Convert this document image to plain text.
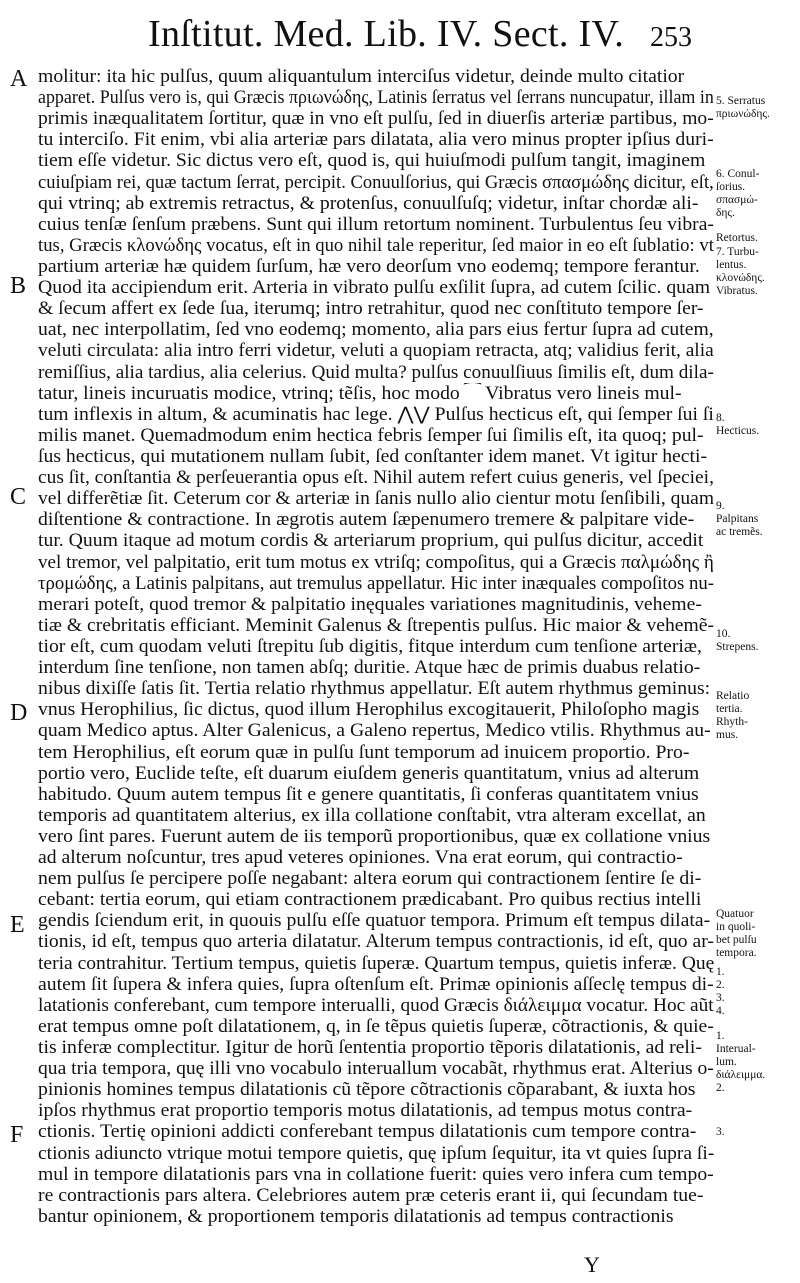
Inſtitut. Med. Lib. IV. Sect. IV. 253
A
B
C
D
E
F
molitur: ita hic pulſus, quum aliquantulum interciſus videtur, deinde multo citatior
apparet. Pulſus vero is, qui Græcis πριωνώδης, Latinis ſerratus vel ſerrans nuncupatur, illam in
primis inæqualitatem ſortitur, quæ in vno eſt pulſu, ſed in diuerſis arteriæ partibus, mo-
tu interciſo. Fit enim, vbi alia arteriæ pars dilatata, alia vero minus propter ipſius duri-
tiem eſſe videtur. Sic dictus vero eſt, quod is, qui huiuſmodi pulſum tangit, imaginem
cuiuſpiam rei, quæ tactum ſerrat, percipit. Conuulſorius, qui Græcis σπασμώδης dicitur, eſt,
qui vtrinq; ab extremis retractus, & protenſus, conuulſuſq; videtur, inſtar chordæ ali-
cuius tenſæ ſenſum præbens. Sunt qui illum retortum nominent. Turbulentus ſeu vibra-
tus, Græcis κλονώδης vocatus, eſt in quo nihil tale reperitur, ſed maior in eo eſt ſublatio: vt
partium arteriæ hæ quidem ſurſum, hæ vero deorſum vno eodemq; tempore ferantur.
Quod ita accipiendum erit. Arteria in vibrato pulſu exſilit ſupra, ad cutem ſcilic. quam
& ſecum affert ex ſede ſua, iterumq; intro retrahitur, quod nec conſtituto tempore ſer-
uat, nec interpollatim, ſed vno eodemq; momento, alia pars eius fertur ſupra ad cutem,
veluti circulata: alia intro ferri videtur, veluti a quopiam retracta, atq; validius ferit, alia
remiſſius, alia tardius, alia celerius. Quid multa? pulſus conuulſiuus ſimilis eſt, dum dila-
tatur, lineis incuruatis modice, vtrinq; tẽſis, hoc modo ⁀ Vibratus vero lineis mul-
tum inflexis in altum, & acuminatis hac lege. ⋀⋁ Pulſus hecticus eſt, qui ſemper ſui ſi
milis manet. Quemadmodum enim hectica febris ſemper ſui ſimilis eſt, ita quoq; pul-
ſus hecticus, qui mutationem nullam ſubit, ſed conſtanter idem manet. Vt igitur hecti-
cus ſit, conſtantia & perſeuerantia opus eſt. Nihil autem refert cuius generis, vel ſpeciei,
vel differẽtiæ ſit. Ceterum cor & arteriæ in ſanis nullo alio cientur motu ſenſibili, quam
diſtentione & contractione. In ægrotis autem ſæpenumero tremere & palpitare vide-
tur. Quum itaque ad motum cordis & arteriarum proprium, qui pulſus dicitur, accedit
vel tremor, vel palpitatio, erit tum motus ex vtriſq; compoſitus, qui a Græcis παλμώδης ἢ
τρομώδης, a Latinis palpitans, aut tremulus appellatur. Hic inter inæquales compoſitos nu-
merari poteſt, quod tremor & palpitatio inęquales variationes magnitudinis, veheme-
tiæ & crebritatis efficiant. Meminit Galenus & ſtrepentis pulſus. Hic maior & vehemẽ-
tior eſt, cum quodam veluti ſtrepitu ſub digitis, fitque interdum cum tenſione arteriæ,
interdum ſine tenſione, non tamen abſq; duritie. Atque hæc de primis duabus relatio-
nibus dixiſſe ſatis ſit. Tertia relatio rhythmus appellatur. Eſt autem rhythmus geminus:
vnus Herophilius, ſic dictus, quod illum Herophilus excogitauerit, Philoſopho magis
quam Medico aptus. Alter Galenicus, a Galeno repertus, Medico vtilis. Rhythmus au-
tem Herophilius, eſt eorum quæ in pulſu ſunt temporum ad inuicem proportio. Pro-
portio vero, Euclide teſte, eſt duarum eiuſdem generis quantitatum, vnius ad alterum
habitudo. Quum autem tempus ſit e genere quantitatis, ſi conferas quantitatem vnius
temporis ad quantitatem alterius, ex illa collatione conſtabit, vtra alteram excellat, an
vero ſint pares. Fuerunt autem de iis temporũ proportionibus, quæ ex collatione vnius
ad alterum noſcuntur, tres apud veteres opiniones. Vna erat eorum, qui contractio-
nem pulſus ſe percipere poſſe negabant: altera eorum qui contractionem ſentire ſe di-
cebant: tertia eorum, qui etiam contractionem prædicabant. Pro quibus rectius intelli
gendis ſciendum erit, in quouis pulſu eſſe quatuor tempora. Primum eſt tempus dilata-
tionis, id eſt, tempus quo arteria dilatatur. Alterum tempus contractionis, id eſt, quo ar-
teria contrahitur. Tertium tempus, quietis ſuperæ. Quartum tempus, quietis inferæ. Quę
autem ſit ſupera & infera quies, ſupra oſtenſum eſt. Primæ opinionis aſſeclę tempus di-
latationis conferebant, cum tempore interualli, quod Græcis διάλειμμα vocatur. Hoc aũt
erat tempus omne poſt dilatationem, q, in ſe tẽpus quietis ſuperæ, cõtractionis, & quie-
tis inferæ complectitur. Igitur de horũ ſententia proportio tẽporis dilatationis, ad reli-
qua tria tempora, quę illi vno vocabulo interuallum vocabãt, rhythmus erat. Alterius o-
pinionis homines tempus dilatationis cũ tẽpore cõtractionis cõparabant, & iuxta hos
ipſos rhythmus erat proportio temporis motus dilatationis, ad tempus motus contra-
ctionis. Tertię opinioni addicti conferebant tempus dilatationis cum tempore contra-
ctionis adiuncto vtrique motui tempore quietis, quę ipſum ſequitur, ita vt quies ſupra ſi-
mul in tempore dilatationis pars vna in collatione fuerit: quies vero infera cum tempo-
re contractionis pars altera. Celebriores autem præ ceteris erant ii, qui ſecundam tue-
bantur opinionem, & proportionem temporis dilatationis ad tempus contractionis
5. Serratus
πριωνώδης.
6. Conul-
ſorius.
σπασμώ-
δης.
Retortus.
7. Turbu-
lentus.
κλονώδης.
Vibratus.
8.
Hecticus.
9.
Palpitans
ac tremẽs.
10.
Strepens.
Relatio
tertia.
Rhyth-
mus.
Quatuor
in quoli-
bet pulſu
tempora.
1.
2.
3.
4.
1.
Interual-
lum.
διάλειμμα.
2.
3.
Y
